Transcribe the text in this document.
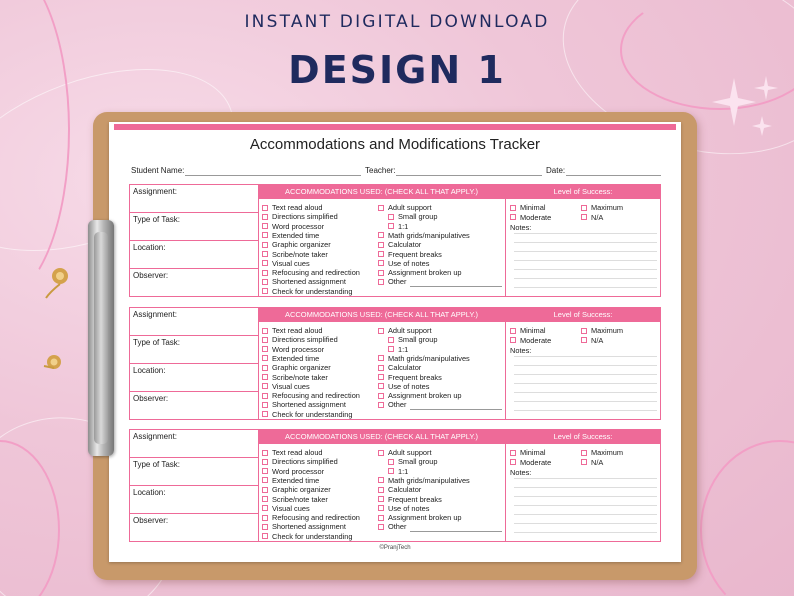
INSTANT DIGITAL DOWNLOAD
DESIGN 1
Accommodations and Modifications Tracker
Student Name:	Teacher:	Date:
©PranjTech
Assignment:
Type of Task:
Location:
Observer:
ACCOMMODATIONS USED: (CHECK ALL THAT APPLY.)	Level of Success:
Text read aloud
Directions simplified
Word processor
Extended time
Graphic organizer
Scribe/note taker
Visual cues
Refocusing and redirection
Shortened assignment
Check for understanding
Adult support
Small group
1:1
Math grids/manipulatives
Calculator
Frequent breaks
Use of notes
Assignment broken up
Other
Minimal	Maximum
Moderate	N/A
Notes:
Assignment:
Type of Task:
Location:
Observer:
ACCOMMODATIONS USED: (CHECK ALL THAT APPLY.)	Level of Success:
Text read aloud
Directions simplified
Word processor
Extended time
Graphic organizer
Scribe/note taker
Visual cues
Refocusing and redirection
Shortened assignment
Check for understanding
Adult support
Small group
1:1
Math grids/manipulatives
Calculator
Frequent breaks
Use of notes
Assignment broken up
Other
Minimal	Maximum
Moderate	N/A
Notes:
Assignment:
Type of Task:
Location:
Observer:
ACCOMMODATIONS USED: (CHECK ALL THAT APPLY.)	Level of Success:
Text read aloud
Directions simplified
Word processor
Extended time
Graphic organizer
Scribe/note taker
Visual cues
Refocusing and redirection
Shortened assignment
Check for understanding
Adult support
Small group
1:1
Math grids/manipulatives
Calculator
Frequent breaks
Use of notes
Assignment broken up
Other
Minimal	Maximum
Moderate	N/A
Notes:
